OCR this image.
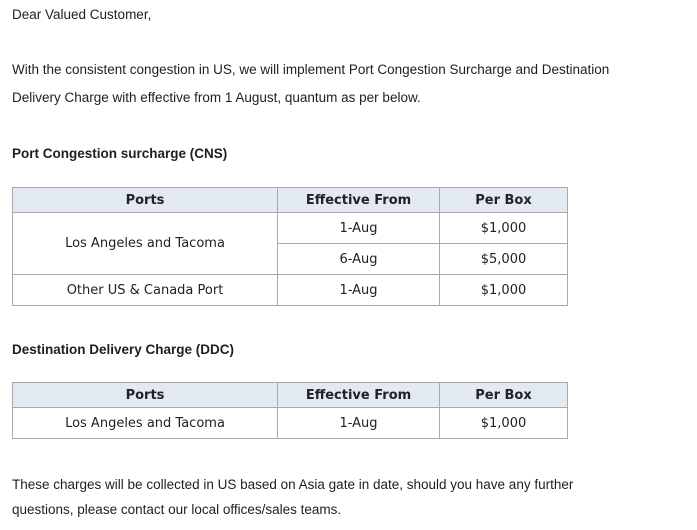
Dear Valued Customer,

With the consistent congestion in US, we will implement Port Congestion Surcharge and Destination

Delivery Charge with effective from 1 August, quantum as per below.

Port Congestion surcharge (CNS)
Ports	Effective From	Per Box
Los Angeles and Tacoma	1-Aug	$1,000
	6-Aug	$5,000
Other US & Canada Port	1-Aug	$1,000
Destination Delivery Charge (DDC)
Ports	Effective From	Per Box
Los Angeles and Tacoma	1-Aug	$1,000

These charges will be collected in US based on Asia gate in date, should you have any further

questions, please contact our local offices/sales teams.
